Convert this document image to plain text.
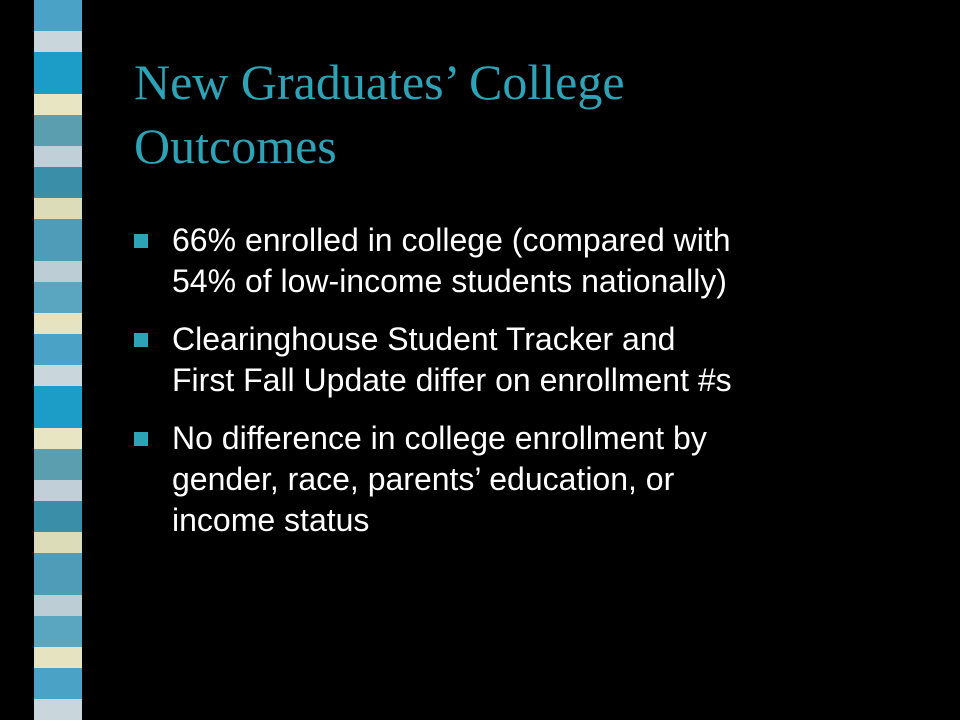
New Graduates’ College
Outcomes
66% enrolled in college (compared with
54% of low-income students nationally)
Clearinghouse Student Tracker and
First Fall Update differ on enrollment #s
No difference in college enrollment by
gender, race, parents’ education, or
income status
